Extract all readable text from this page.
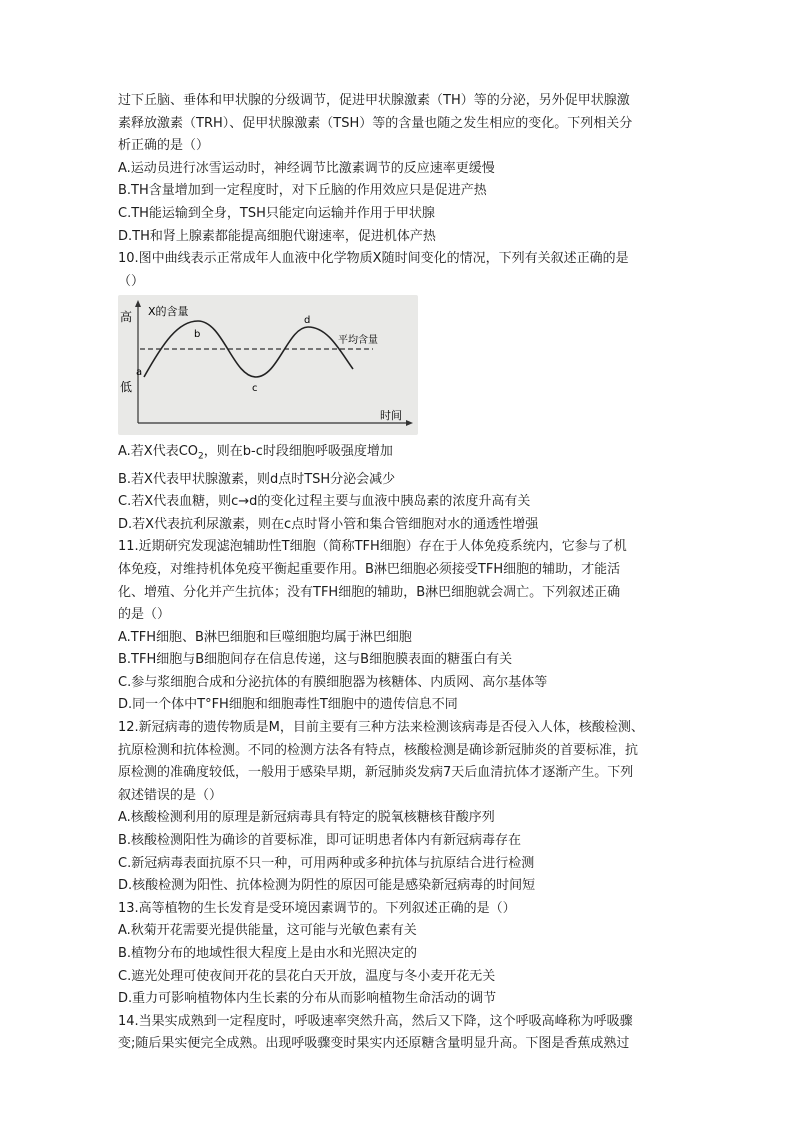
过下丘脑、垂体和甲状腺的分级调节，促进甲状腺激素（TH）等的分泌，另外促甲状腺激
素释放激素（TRH）、促甲状腺激素（TSH）等的含量也随之发生相应的变化。下列相关分
析正确的是（）
A.运动员进行冰雪运动时，神经调节比激素调节的反应速率更缓慢
B.TH含量增加到一定程度时，对下丘脑的作用效应只是促进产热
C.TH能运输到全身，TSH只能定向运输并作用于甲状腺
D.TH和肾上腺素都能提高细胞代谢速率，促进机体产热
10.图中曲线表示正常成年人血液中化学物质X随时间变化的情况，下列有关叙述正确的是
（）
高
低
X的含量
平均含量
时间
a
b
c
d
A.若X代表$CO_2$，则在b-c时段细胞呼吸强度增加
B.若X代表甲状腺激素，则d点时TSH分泌会减少
C.若X代表血糖，则c→d的变化过程主要与血液中胰岛素的浓度升高有关
D.若X代表抗利尿激素，则在c点时肾小管和集合管细胞对水的通透性增强
11.近期研究发现滤泡辅助性T细胞（简称TFH细胞）存在于人体免疫系统内，它参与了机
体免疫，对维持机体免疫平衡起重要作用。B淋巴细胞必须接受TFH细胞的辅助，才能活
化、增殖、分化并产生抗体；没有TFH细胞的辅助，B淋巴细胞就会凋亡。下列叙述正确
的是（）
A.TFH细胞、B淋巴细胞和巨噬细胞均属于淋巴细胞
B.TFH细胞与B细胞间存在信息传递，这与B细胞膜表面的糖蛋白有关
C.参与浆细胞合成和分泌抗体的有膜细胞器为核糖体、内质网、高尔基体等
D.同一个体中T°FH细胞和细胞毒性T细胞中的遗传信息不同
12.新冠病毒的遗传物质是M，目前主要有三种方法来检测该病毒是否侵入人体，核酸检测、
抗原检测和抗体检测。不同的检测方法各有特点，核酸检测是确诊新冠肺炎的首要标准，抗
原检测的准确度较低，一般用于感染早期，新冠肺炎发病7天后血清抗体才逐渐产生。下列
叙述错误的是（）
A.核酸检测利用的原理是新冠病毒具有特定的脱氧核糖核苷酸序列
B.核酸检测阳性为确诊的首要标准，即可证明患者体内有新冠病毒存在
C.新冠病毒表面抗原不只一种，可用两种或多种抗体与抗原结合进行检测
D.核酸检测为阳性、抗体检测为阴性的原因可能是感染新冠病毒的时间短
13.高等植物的生长发育是受环境因素调节的。下列叙述正确的是（）
A.秋菊开花需要光提供能量，这可能与光敏色素有关
B.植物分布的地域性很大程度上是由水和光照决定的
C.遮光处理可使夜间开花的昙花白天开放，温度与冬小麦开花无关
D.重力可影响植物体内生长素的分布从而影响植物生命活动的调节
14.当果实成熟到一定程度时，呼吸速率突然升高，然后又下降，这个呼吸高峰称为呼吸骤
变;随后果实便完全成熟。出现呼吸骤变时果实内还原糖含量明显升高。下图是香蕉成熟过
